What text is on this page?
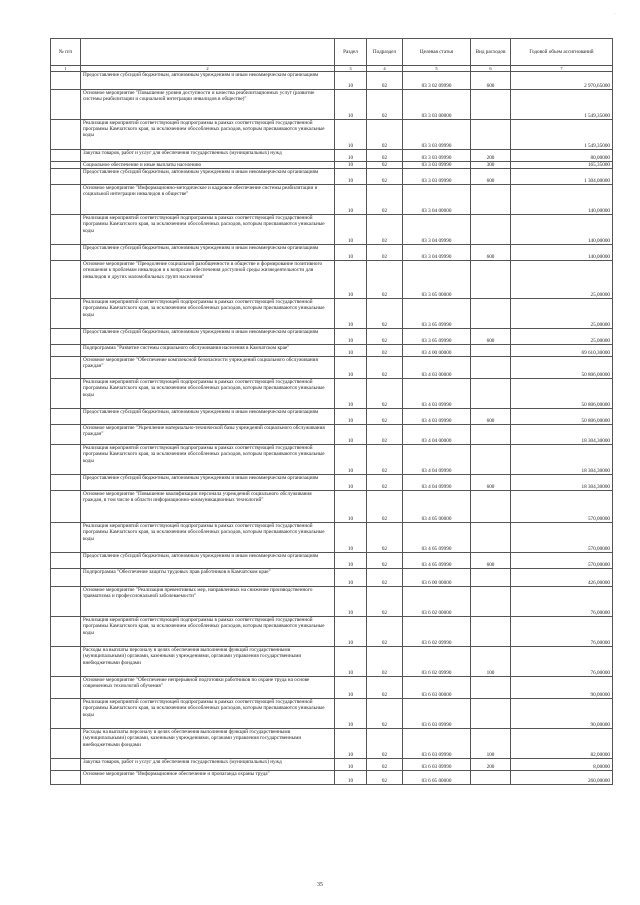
·
№ п/п		Раздел	Подраздел	Целевая статья	Вид расходов	Годовой объем ассигнований
1	2	3	4	5	6	7
	Предоставление субсидий бюджетным, автономным учреждениям и иным некоммерческим организациям	10	02	03 3 02 09990	600	2 970,65000
	Основное мероприятие "Повышение уровня доступности и качества реабилитационных услуг (развитие системы реабилитации и социальной интеграции инвалидов в обществе)"	10	02	03 3 03 00000		1 549,35000
	Реализация мероприятий соответствующей подпрограммы в рамках соответствующей государственной программы Камчатского края, за исключением обособленных расходов, которым присваиваются уникальные коды	10	02	03 3 03 09990		1 549,35000
	Закупка товаров, работ и услуг для обеспечения государственных (муниципальных) нужд	10	02	03 3 03 09990	200	80,00000
	Социальное обеспечение и иные выплаты населению	10	02	03 3 03 09990	300	165,35000
	Предоставление субсидий бюджетным, автономным учреждениям и иным некоммерческим организациям	10	02	03 3 03 09990	600	1 304,00000
	Основное мероприятие "Информационно-методическое и кадровое обеспечение системы реабилитации и социальной интеграции инвалидов в обществе"	10	02	03 3 04 00000		140,00000
	Реализация мероприятий соответствующей подпрограммы в рамках соответствующей государственной программы Камчатского края, за исключением обособленных расходов, которым присваиваются уникальные коды	10	02	03 3 04 09990		140,00000
	Предоставление субсидий бюджетным, автономным учреждениям и иным некоммерческим организациям	10	02	03 3 04 09990	600	140,00000
	Основное мероприятие "Преодоление социальной разобщенности в обществе и формирование позитивного отношения к проблемам инвалидов и к вопросам обеспечения доступной среды жизнедеятельности для инвалидов и других маломобильных групп населения"	10	02	03 3 05 00000		25,00000
	Реализация мероприятий соответствующей подпрограммы в рамках соответствующей государственной программы Камчатского края, за исключением обособленных расходов, которым присваиваются уникальные коды	10	02	03 3 05 09990		25,00000
	Предоставление субсидий бюджетным, автономным учреждениям и иным некоммерческим организациям	10	02	03 3 05 09990	600	25,00000
	Подпрограмма "Развитие системы социального обслуживания населения в Камчатском крае"	10	02	03 4 00 00000		69 610,30000
	Основное мероприятие "Обеспечение комплексной безопасности учреждений социального обслуживания граждан"	10	02	03 4 03 00000		50 806,00000
	Реализация мероприятий соответствующей подпрограммы в рамках соответствующей государственной программы Камчатского края, за исключением обособленных расходов, которым присваиваются уникальные коды	10	02	03 4 03 09990		50 806,00000
	Предоставление субсидий бюджетным, автономным учреждениям и иным некоммерческим организациям	10	02	03 4 03 09990	600	50 806,00000
	Основное мероприятие "Укрепление материально-технической базы учреждений социального обслуживания граждан"	10	02	03 4 04 00000		18 304,30000
	Реализация мероприятий соответствующей подпрограммы в рамках соответствующей государственной программы Камчатского края, за исключением обособленных расходов, которым присваиваются уникальные коды	10	02	03 4 04 09990		18 304,30000
	Предоставление субсидий бюджетным, автономным учреждениям и иным некоммерческим организациям	10	02	03 4 04 09990	600	18 304,30000
	Основное мероприятие "Повышение квалификации персонала учреждений социального обслуживания граждан, в том числе в области информационно-коммуникационных технологий"	10	02	03 4 05 00000		570,00000
	Реализация мероприятий соответствующей подпрограммы в рамках соответствующей государственной программы Камчатского края, за исключением обособленных расходов, которым присваиваются уникальные коды	10	02	03 4 05 09990		570,00000
	Предоставление субсидий бюджетным, автономным учреждениям и иным некоммерческим организациям	10	02	03 4 05 09990	600	570,00000
	Подпрограмма "Обеспечение защиты трудовых прав работников в Камчатском крае"	10	02	03 6 00 00000		426,00000
	Основное мероприятие "Реализация превентивных мер, направленных на снижение производственного травматизма и профессиональной заболеваемости"	10	02	03 6 02 00000		76,00000
	Реализация мероприятий соответствующей подпрограммы в рамках соответствующей государственной программы Камчатского края, за исключением обособленных расходов, которым присваиваются уникальные коды	10	02	03 6 02 09990		76,00000
	Расходы на выплаты персоналу в целях обеспечения выполнения функций государственными (муниципальными) органами, казенными учреждениями, органами управления государственными внебюджетными фондами	10	02	03 6 02 09990	100	76,00000
	Основное мероприятие "Обеспечение непрерывной подготовки работников по охране труда на основе современных технологий обучения"	10	02	03 6 03 00000		90,00000
	Реализация мероприятий соответствующей подпрограммы в рамках соответствующей государственной программы Камчатского края, за исключением обособленных расходов, которым присваиваются уникальные коды	10	02	03 6 03 09990		90,00000
	Расходы на выплаты персоналу в целях обеспечения выполнения функций государственными (муниципальными) органами, казенными учреждениями, органами управления государственными внебюджетными фондами	10	02	03 6 03 09990	100	82,00000
	Закупка товаров, работ и услуг для обеспечения государственных (муниципальных) нужд	10	02	03 6 03 09990	200	8,00000
	Основное мероприятие "Информационное обеспечение и пропаганда охраны труда"	10	02	03 6 05 00000		260,00000
35
